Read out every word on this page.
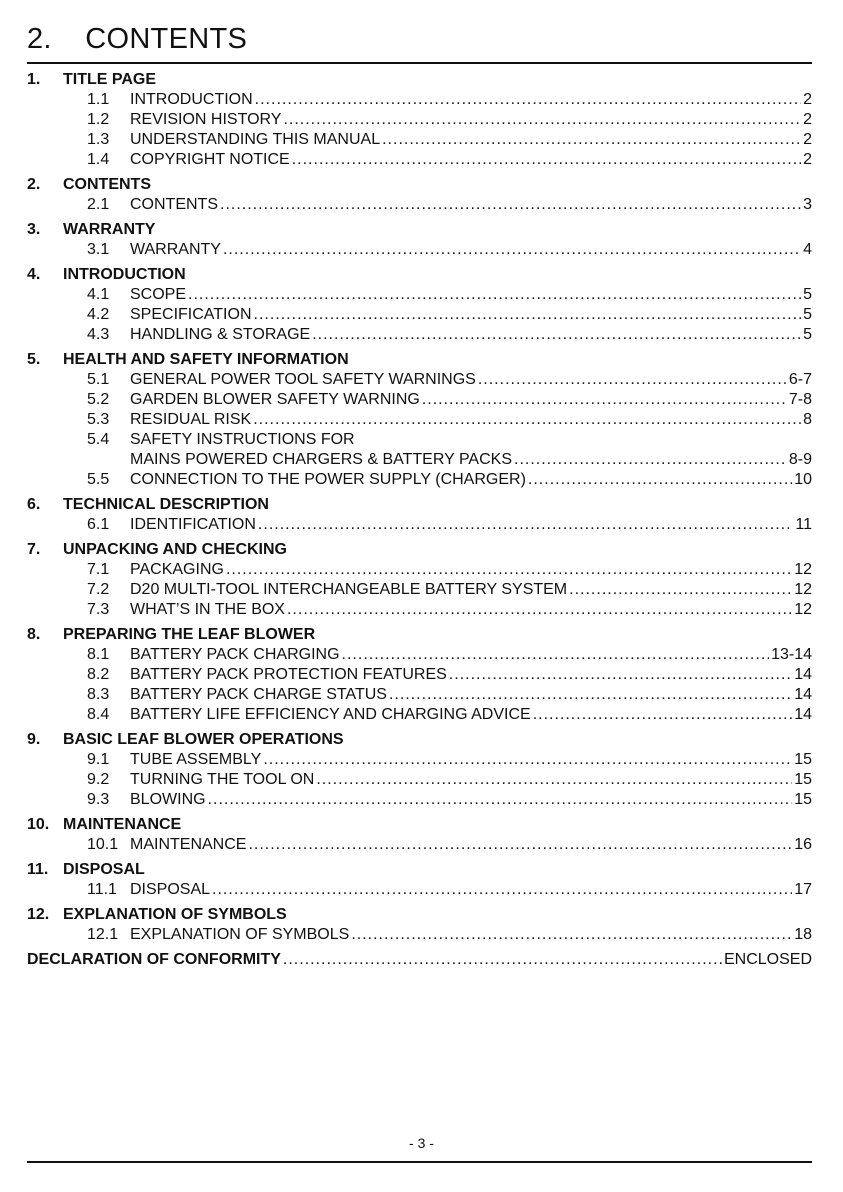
2.    CONTENTS
1.	TITLE PAGE
1.1	INTRODUCTION .....	2
1.2	REVISION HISTORY .....	2
1.3	UNDERSTANDING THIS MANUAL .....	2
1.4	COPYRIGHT NOTICE .....	2
2.	CONTENTS
2.1	CONTENTS .....	3
3.	WARRANTY
3.1	WARRANTY .....	4
4.	INTRODUCTION
4.1	SCOPE .....	5
4.2	SPECIFICATION .....	5
4.3	HANDLING & STORAGE .....	5
5.	HEALTH AND SAFETY INFORMATION
5.1	GENERAL POWER TOOL SAFETY WARNINGS .....	6-7
5.2	GARDEN BLOWER SAFETY WARNING .....	7-8
5.3	RESIDUAL RISK .....	8
5.4	SAFETY INSTRUCTIONS FOR
MAINS POWERED CHARGERS & BATTERY PACKS .....	8-9
5.5	CONNECTION TO THE POWER SUPPLY (CHARGER) .....	10
6.	TECHNICAL DESCRIPTION
6.1	IDENTIFICATION .....	11
7.	UNPACKING AND CHECKING
7.1	PACKAGING .....	12
7.2	D20 MULTI-TOOL INTERCHANGEABLE BATTERY SYSTEM .....	12
7.3	WHAT’S IN THE BOX .....	12
8.	PREPARING THE LEAF BLOWER
8.1	BATTERY PACK CHARGING .....	13-14
8.2	BATTERY PACK PROTECTION FEATURES .....	14
8.3	BATTERY PACK CHARGE STATUS .....	14
8.4	BATTERY LIFE EFFICIENCY AND CHARGING ADVICE .....	14
9.	BASIC LEAF BLOWER OPERATIONS
9.1	TUBE ASSEMBLY .....	15
9.2	TURNING THE TOOL ON .....	15
9.3	BLOWING .....	15
10. MAINTENANCE
10.1 MAINTENANCE .....	16
11. DISPOSAL
11.1 DISPOSAL .....	17
12. EXPLANATION OF SYMBOLS
12.1 EXPLANATION OF SYMBOLS .....	18
DECLARATION OF CONFORMITY .....	ENCLOSED
- 3 -
